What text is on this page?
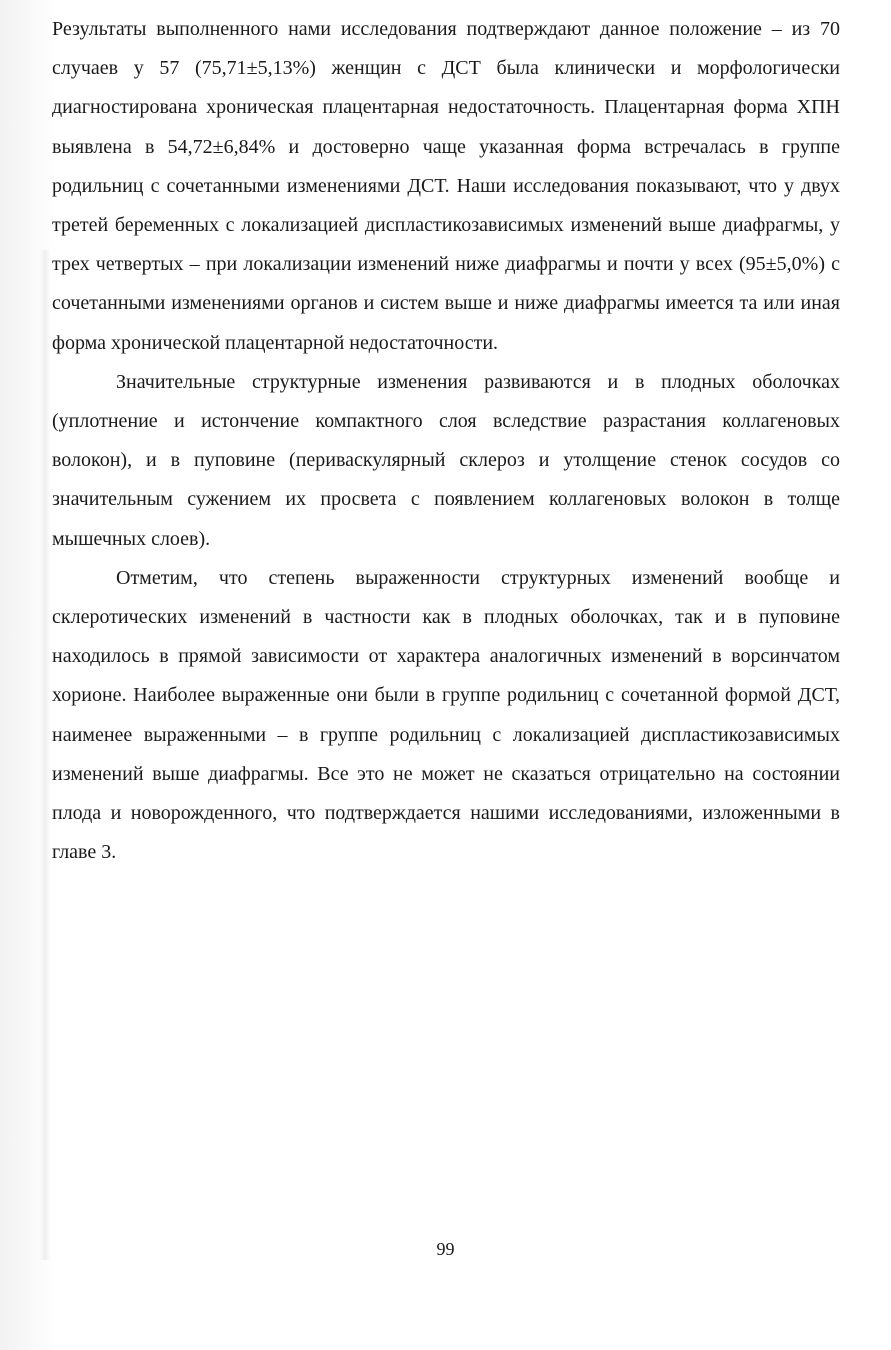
Результаты выполненного нами исследования подтверждают данное положение – из 70 случаев у 57 (75,71±5,13%) женщин с ДСТ была клинически и морфологически диагностирована хроническая плацентарная недостаточность. Плацентарная форма ХПН выявлена в 54,72±6,84% и достоверно чаще указанная форма встречалась в группе родильниц с сочетанными изменениями ДСТ. Наши исследования показывают, что у двух третей беременных с локализацией диспластикозависимых изменений выше диафрагмы, у трех четвертых – при локализации изменений ниже диафрагмы и почти у всех (95±5,0%) с сочетанными изменениями органов и систем выше и ниже диафрагмы имеется та или иная форма хронической плацентарной недостаточности.

Значительные структурные изменения развиваются и в плодных оболочках (уплотнение и истончение компактного слоя вследствие разрастания коллагеновых волокон), и в пуповине (периваскулярный склероз и утолщение стенок сосудов со значительным сужением их просвета с появлением коллагеновых волокон в толще мышечных слоев).

Отметим, что степень выраженности структурных изменений вообще и склеротических изменений в частности как в плодных оболочках, так и в пуповине находилось в прямой зависимости от характера аналогичных изменений в ворсинчатом хорионе. Наиболее выраженные они были в группе родильниц с сочетанной формой ДСТ, наименее выраженными – в группе родильниц с локализацией диспластикозависимых изменений выше диафрагмы. Все это не может не сказаться отрицательно на состоянии плода и новорожденного, что подтверждается нашими исследованиями, изложенными в главе 3.

99
